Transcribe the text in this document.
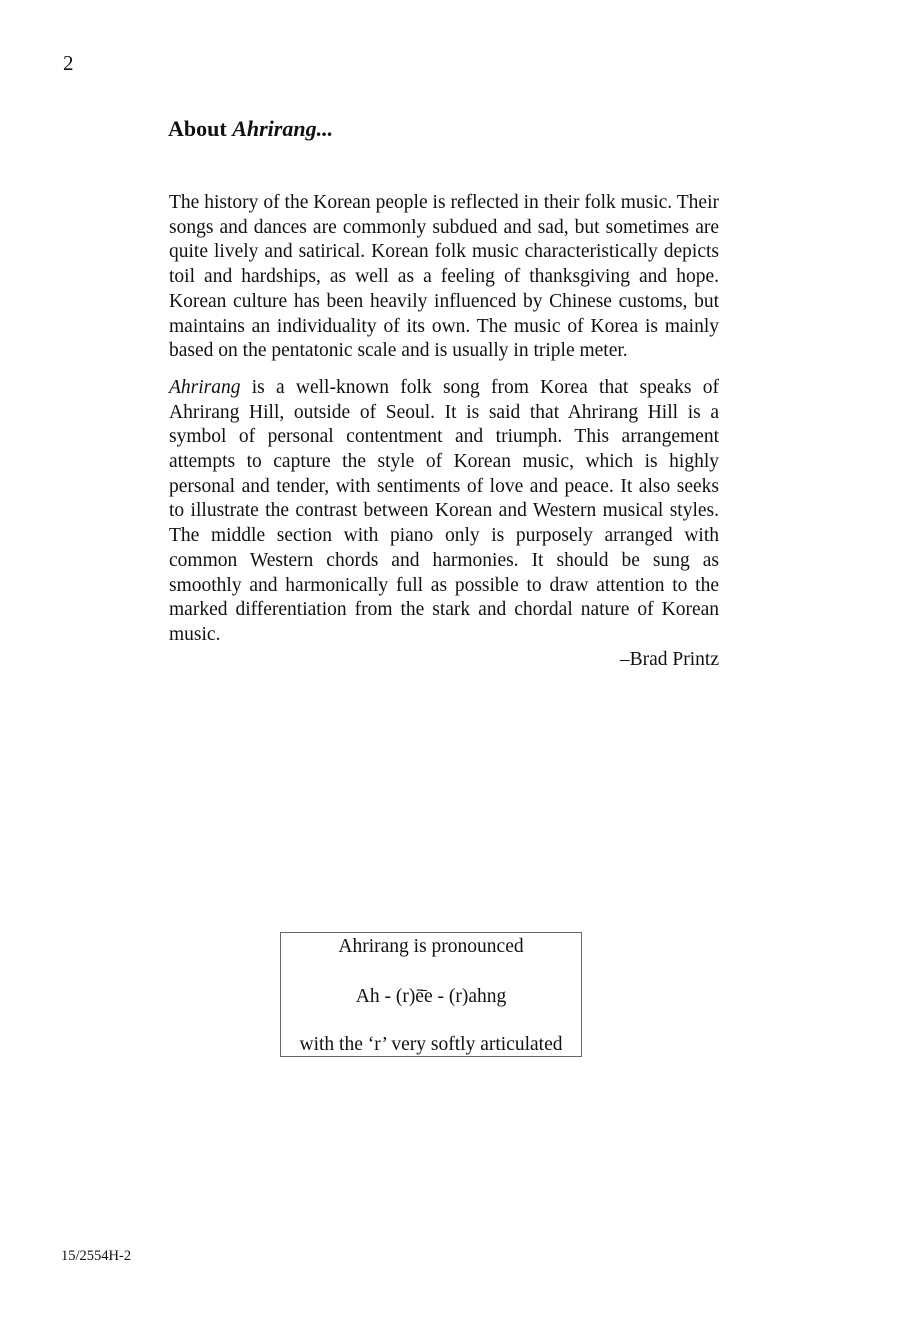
2
About Ahrirang...

The history of the Korean people is reflected in their folk music. Their songs and dances are commonly subdued and sad, but sometimes are quite lively and satirical. Korean folk music characteristically depicts toil and hardships, as well as a feeling of thanksgiving and hope. Korean culture has been heavily influenced by Chinese customs, but maintains an individuality of its own. The music of Korea is mainly based on the pentatonic scale and is usually in triple meter.

Ahrirang is a well-known folk song from Korea that speaks of Ahrirang Hill, outside of Seoul. It is said that Ahrirang Hill is a symbol of personal contentment and triumph. This arrangement attempts to capture the style of Korean music, which is highly personal and tender, with sentiments of love and peace. It also seeks to illustrate the contrast between Korean and Western musical styles. The middle section with piano only is purposely arranged with common Western chords and harmonies. It should be sung as smoothly and harmonically full as possible to draw attention to the marked differentiation from the stark and chordal nature of Korean music.

–Brad Printz

Ahrirang is pronounced
Ah - (r)ē̄e - (r)ahng
with the ‘r’ very softly articulated
15/2554H-2
